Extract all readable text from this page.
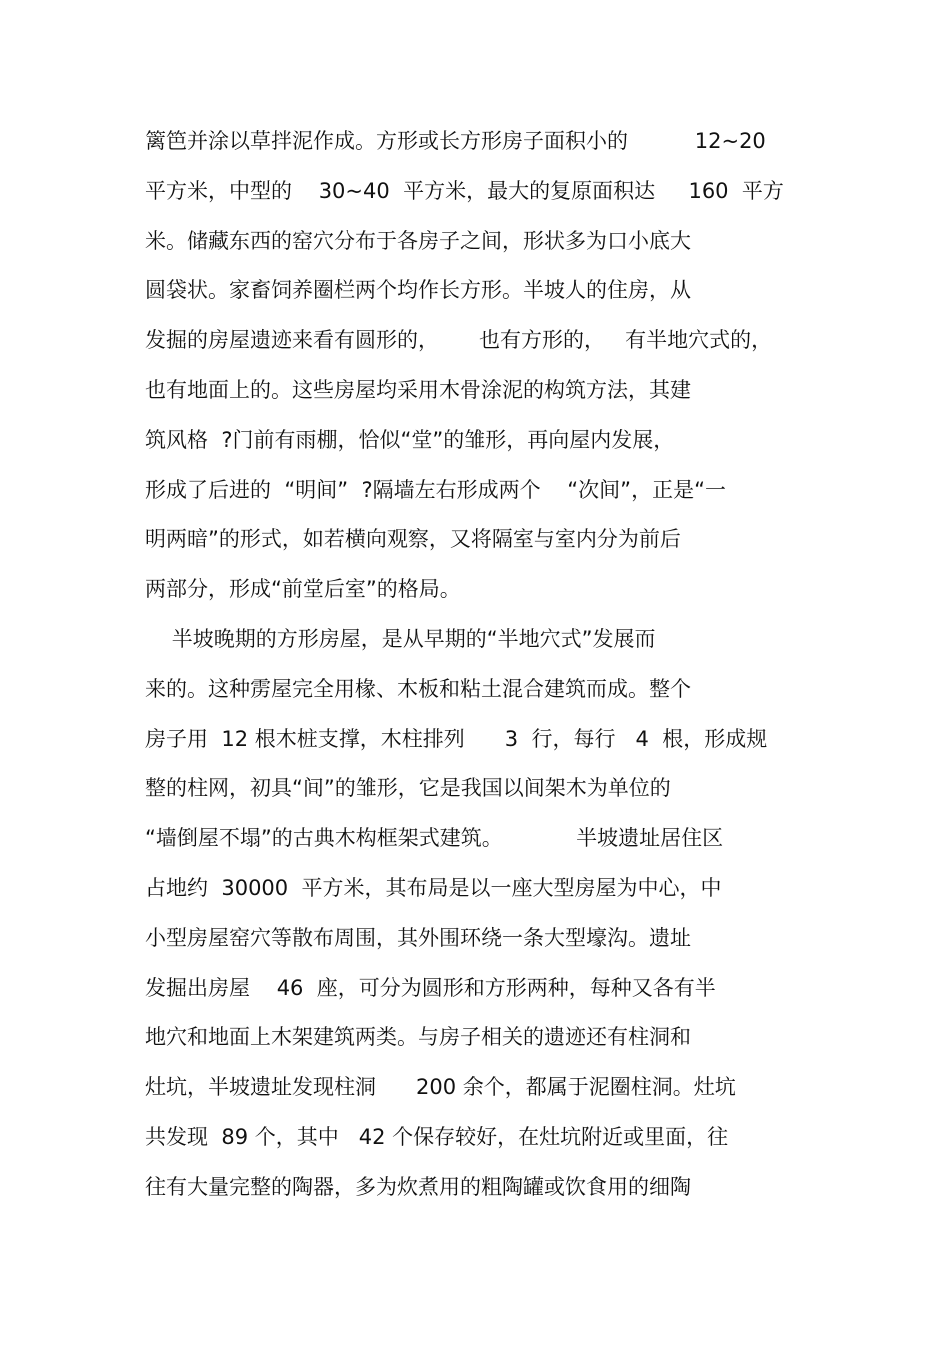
篱笆并涂以草拌泥作成。方形或长方形房子面积小的          12~20
平方米，中型的    30~40  平方米，最大的复原面积达     160  平方
米。储藏东西的窑穴分布于各房子之间，形状多为口小底大
圆袋状。家畜饲养圈栏两个均作长方形。半坡人的住房，从
发掘的房屋遗迹来看有圆形的，      也有方形的，   有半地穴式的，
也有地面上的。这些房屋均采用木骨涂泥的构筑方法，其建
筑风格  ?门前有雨棚，恰似“堂”的雏形，再向屋内发展，
形成了后进的  “明间”  ?隔墙左右形成两个    “次间”，正是“一
明两暗”的形式，如若横向观察，又将隔室与室内分为前后
两部分，形成“前堂后室”的格局。
半坡晚期的方形房屋，是从早期的“半地穴式”发展而
来的。这种雳屋完全用椽、木板和粘土混合建筑而成。整个
房子用  12 根木桩支撑，木柱排列      3  行，每行   4  根，形成规
整的柱网，初具“间”的雏形，它是我国以间架木为单位的
“墙倒屋不塌”的古典木构框架式建筑。           半坡遗址居住区
占地约  30000  平方米，其布局是以一座大型房屋为中心，中
小型房屋窑穴等散布周围，其外围环绕一条大型壕沟。遗址
发掘出房屋    46  座，可分为圆形和方形两种，每种又各有半
地穴和地面上木架建筑两类。与房子相关的遗迹还有柱洞和
灶坑，半坡遗址发现柱洞      200 余个，都属于泥圈柱洞。灶坑
共发现  89 个，其中   42 个保存较好，在灶坑附近或里面，往
往有大量完整的陶器，多为炊煮用的粗陶罐或饮食用的细陶
